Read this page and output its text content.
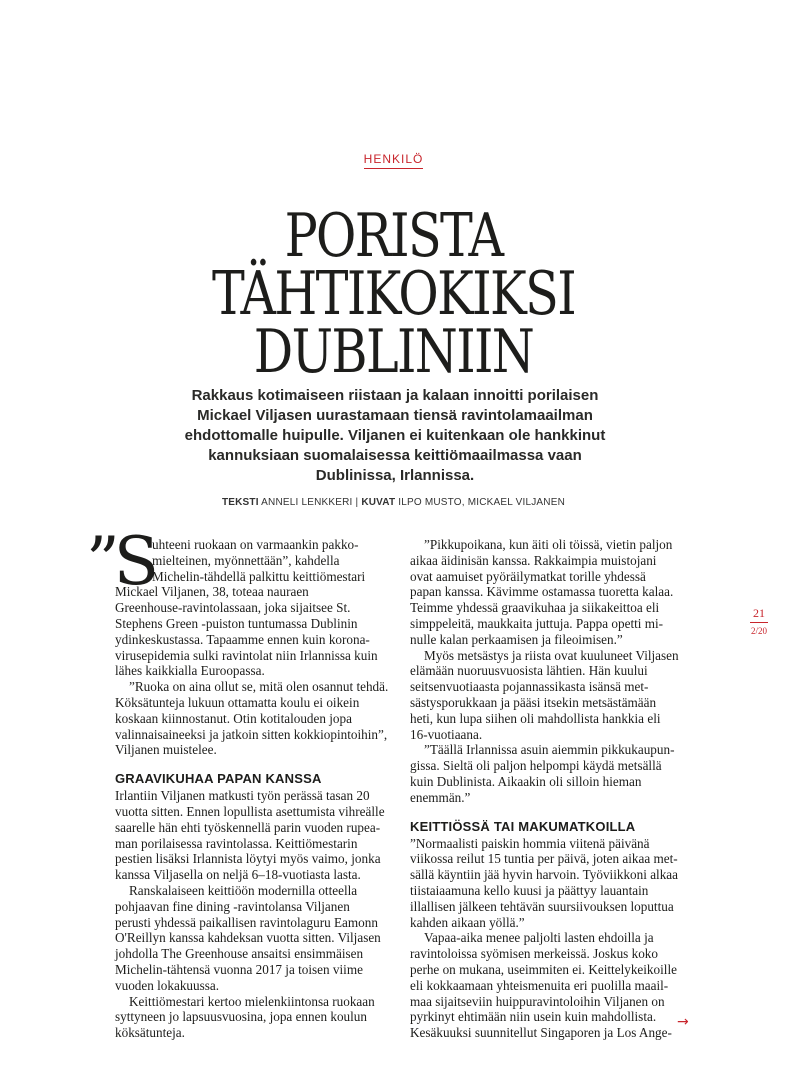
HENKILÖ
PORISTA
TÄHTIKOKIKSI
DUBLINIIN
Rakkaus kotimaiseen riistaan ja kalaan innoitti porilaisen
Mickael Viljasen uurastamaan tiensä ravintolamaailman
ehdottomalle huipulle. Viljanen ei kuitenkaan ole hankkinut
kannuksiaan suomalaisessa keittiömaailmassa vaan
Dublinissa, Irlannissa.
TEKSTI ANNELI LENKKERI | KUVAT ILPO MUSTO, MICKAEL VILJANEN
”S
uhteeni ruokaan on varmaankin pakko-
mielteinen, myönnettään”, kahdella
Michelin-tähdellä palkittu keittiömestari
Mickael Viljanen, 38, toteaa nauraen
Greenhouse-ravintolassaan, joka sijaitsee St.
Stephens Green -puiston tuntumassa Dublinin
ydinkeskustassa. Tapaamme ennen kuin korona-
virusepidemia sulki ravintolat niin Irlannissa kuin
lähes kaikkialla Euroopassa.
”Ruoka on aina ollut se, mitä olen osannut tehdä.
Köksätunteja lukuun ottamatta koulu ei oikein
koskaan kiinnostanut. Otin kotitalouden jopa
valinnaisaineeksi ja jatkoin sitten kokkiopintoihin”,
Viljanen muistelee.
GRAAVIKUHAA PAPAN KANSSA
Irlantiin Viljanen matkusti työn perässä tasan 20
vuotta sitten. Ennen lopullista asettumista vihreälle
saarelle hän ehti työskennellä parin vuoden rupea-
man porilaisessa ravintolassa. Keittiömestarin
pestien lisäksi Irlannista löytyi myös vaimo, jonka
kanssa Viljasella on neljä 6–18-vuotiasta lasta.
Ranskalaiseen keittiöön modernilla otteella
pohjaavan fine dining -ravintolansa Viljanen
perusti yhdessä paikallisen ravintolaguru Eamonn
O'Reillyn kanssa kahdeksan vuotta sitten. Viljasen
johdolla The Greenhouse ansaitsi ensimmäisen
Michelin-tähtensä vuonna 2017 ja toisen viime
vuoden lokakuussa.
Keittiömestari kertoo mielenkiintonsa ruokaan
syttyneen jo lapsuusvuosina, jopa ennen koulun
köksätunteja.
”Pikkupoikana, kun äiti oli töissä, vietin paljon
aikaa äidinisän kanssa. Rakkaimpia muistojani
ovat aamuiset pyöräilymatkat torille yhdessä
papan kanssa. Kävimme ostamassa tuoretta kalaa.
Teimme yhdessä graavikuhaa ja siikakeittoa eli
simppeleitä, maukkaita juttuja. Pappa opetti mi-
nulle kalan perkaamisen ja fileoimisen.”
Myös metsästys ja riista ovat kuuluneet Viljasen
elämään nuoruusvuosista lähtien. Hän kuului
seitsenvuotiaasta pojannassikasta isänsä met-
sästysporukkaan ja pääsi itsekin metsästämään
heti, kun lupa siihen oli mahdollista hankkia eli
16-vuotiaana.
”Täällä Irlannissa asuin aiemmin pikkukaupun-
gissa. Sieltä oli paljon helpompi käydä metsällä
kuin Dublinista. Aikaakin oli silloin hieman
enemmän.”
KEITTIÖSSÄ TAI MAKUMATKOILLA
”Normaalisti paiskin hommia viitenä päivänä
viikossa reilut 15 tuntia per päivä, joten aikaa met-
sällä käyntiin jää hyvin harvoin. Työviikkoni alkaa
tiistaiaamuna kello kuusi ja päättyy lauantain
illallisen jälkeen tehtävän suursiivouksen loputtua
kahden aikaan yöllä.”
Vapaa-aika menee paljolti lasten ehdoilla ja
ravintoloissa syömisen merkeissä. Joskus koko
perhe on mukana, useimmiten ei. Keittelykeikoille
eli kokkaamaan yhteismenuita eri puolilla maail-
maa sijaitseviin huippuravintoloihin Viljanen on
pyrkinyt ehtimään niin usein kuin mahdollista.
Kesäkuuksi suunnitellut Singaporen ja Los Ange-
21
2/20
→
